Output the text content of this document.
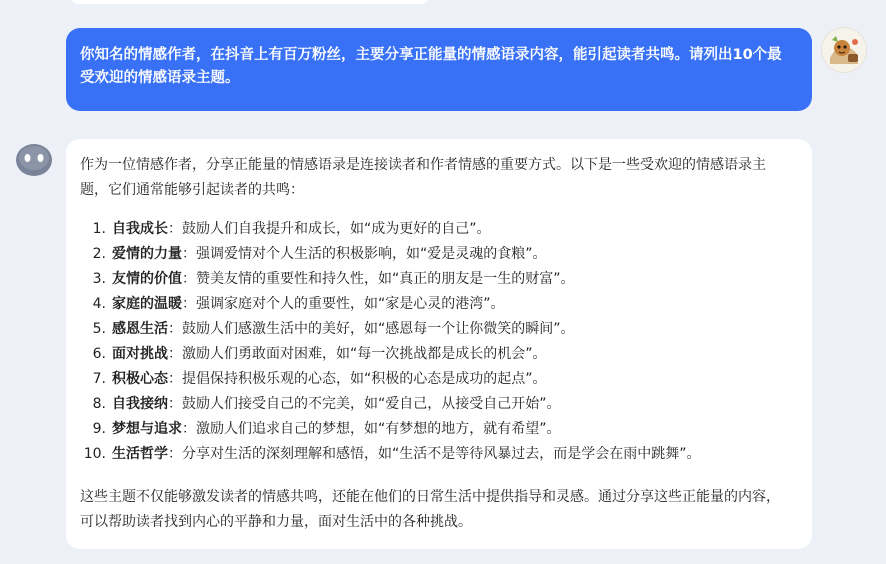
你知名的情感作者，在抖音上有百万粉丝，主要分享正能量的情感语录内容，能引起读者共鸣。请列出10个最受欢迎的情感语录主题。

作为一位情感作者，分享正能量的情感语录是连接读者和作者情感的重要方式。以下是一些受欢迎的情感语录主题，它们通常能够引起读者的共鸣：

1. 自我成长：鼓励人们自我提升和成长，如“成为更好的自己”。
2. 爱情的力量：强调爱情对个人生活的积极影响，如“爱是灵魂的食粮”。
3. 友情的价值：赞美友情的重要性和持久性，如“真正的朋友是一生的财富”。
4. 家庭的温暖：强调家庭对个人的重要性，如“家是心灵的港湾”。
5. 感恩生活：鼓励人们感激生活中的美好，如“感恩每一个让你微笑的瞬间”。
6. 面对挑战：激励人们勇敢面对困难，如“每一次挑战都是成长的机会”。
7. 积极心态：提倡保持积极乐观的心态，如“积极的心态是成功的起点”。
8. 自我接纳：鼓励人们接受自己的不完美，如“爱自己，从接受自己开始”。
9. 梦想与追求：激励人们追求自己的梦想，如“有梦想的地方，就有希望”。
10. 生活哲学：分享对生活的深刻理解和感悟，如“生活不是等待风暴过去，而是学会在雨中跳舞”。

这些主题不仅能够激发读者的情感共鸣，还能在他们的日常生活中提供指导和灵感。通过分享这些正能量的内容，可以帮助读者找到内心的平静和力量，面对生活中的各种挑战。
